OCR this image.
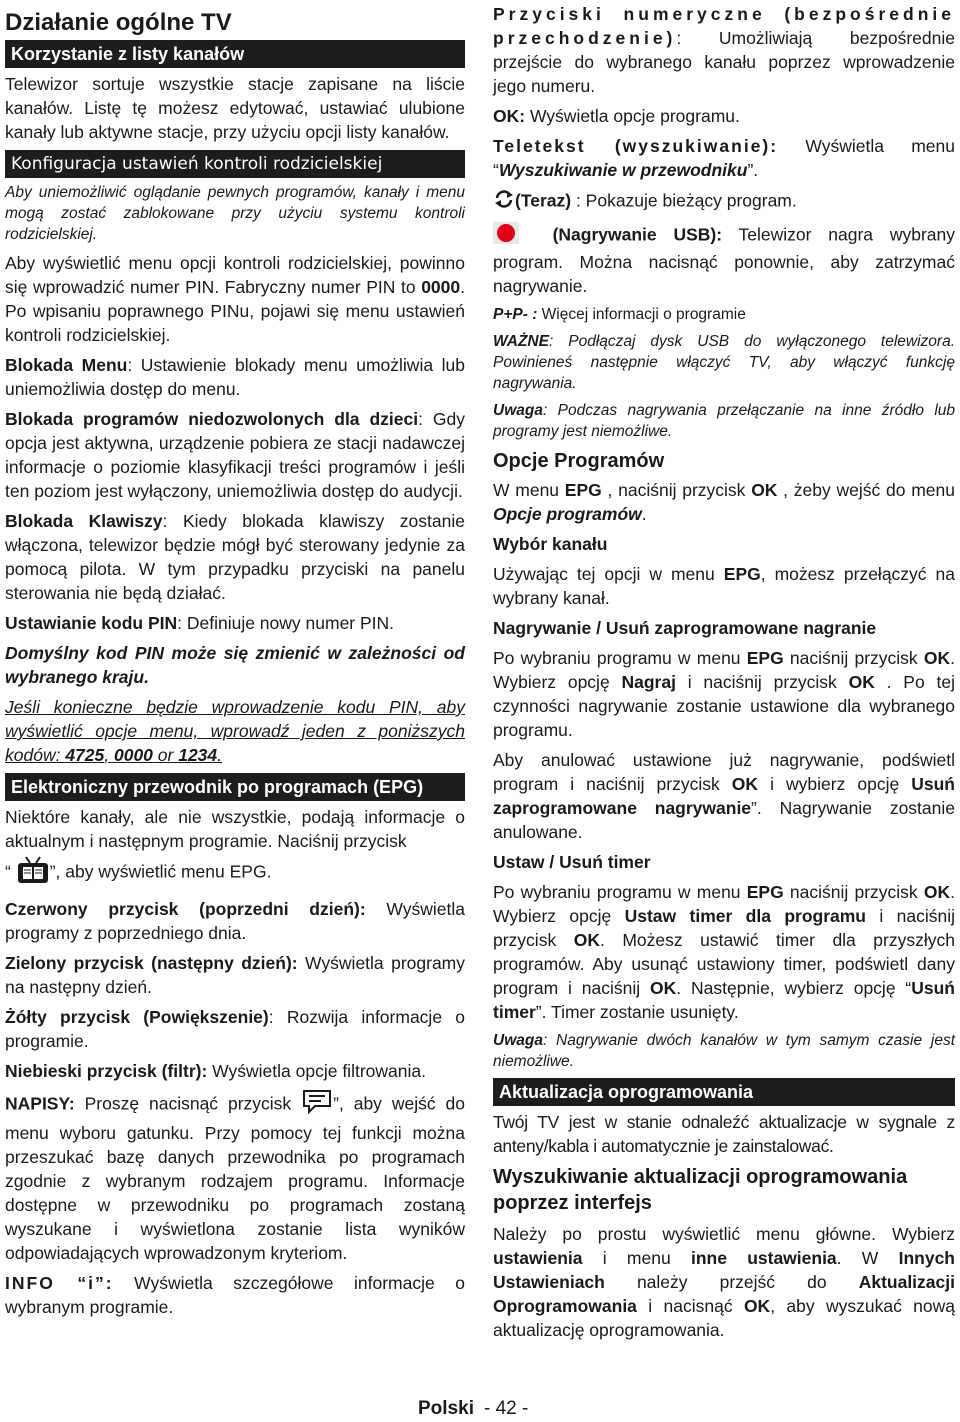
Działanie ogólne TV
Korzystanie z listy kanałów

Telewizor sortuje wszystkie stacje zapisane na liście kanałów. Listę tę możesz edytować, ustawiać ulubione kanały lub aktywne stacje, przy użyciu opcji listy kanałów.

Konfiguracja ustawień kontroli rodzicielskiej

Aby uniemożliwić oglądanie pewnych programów, kanały i menu mogą zostać zablokowane przy użyciu systemu kontroli rodzicielskiej.

Aby wyświetlić menu opcji kontroli rodzicielskiej, powinno się wprowadzić numer PIN. Fabryczny numer PIN to 0000. Po wpisaniu poprawnego PINu, pojawi się menu ustawień kontroli rodzicielskiej.

Blokada Menu: Ustawienie blokady menu umożliwia lub uniemożliwia dostęp do menu.

Blokada programów niedozwolonych dla dzieci: Gdy opcja jest aktywna, urządzenie pobiera ze stacji nadawczej informacje o poziomie klasyfikacji treści programów i jeśli ten poziom jest wyłączony, uniemożliwia dostęp do audycji.

Blokada Klawiszy: Kiedy blokada klawiszy zostanie włączona, telewizor będzie mógł być sterowany jedynie za pomocą pilota. W tym przypadku przyciski na panelu sterowania nie będą działać.

Ustawianie kodu PIN: Definiuje nowy numer PIN.

Domyślny kod PIN może się zmienić w zależności od wybranego kraju.

Jeśli konieczne będzie wprowadzenie kodu PIN, aby wyświetlić opcje menu, wprowadź jeden z poniższych kodów: 4725, 0000 or 1234.

Elektroniczny przewodnik po programach (EPG)

Niektóre kanały, ale nie wszystkie, podają informacje o aktualnym i następnym programie. Naciśnij przycisk

“ ”, aby wyświetlić menu EPG.

Czerwony przycisk (poprzedni dzień): Wyświetla programy z poprzedniego dnia.

Zielony przycisk (następny dzień): Wyświetla programy na następny dzień.

Żółty przycisk (Powiększenie): Rozwija informacje o programie.

Niebieski przycisk (filtr): Wyświetla opcje filtrowania.

NAPISY: Proszę nacisnąć przycisk ”, aby wejść do menu wyboru gatunku. Przy pomocy tej funkcji można przeszukać bazę danych przewodnika po programach zgodnie z wybranym rodzajem programu. Informacje dostępne w przewodniku po programach zostaną wyszukane i wyświetlona zostanie lista wyników odpowiadających wprowadzonym kryteriom.

INFO “i”: Wyświetla szczegółowe informacje o wybranym programie.

Przyciski numeryczne (bezpośrednie przechodzenie): Umożliwiają bezpośrednie przejście do wybranego kanału poprzez wprowadzenie jego numeru.

OK: Wyświetla opcje programu.

Teletekst (wyszukiwanie): Wyświetla menu “Wyszukiwanie w przewodniku”.

(Teraz) : Pokazuje bieżący program.

(Nagrywanie USB): Telewizor nagra wybrany program. Można nacisnąć ponownie, aby zatrzymać nagrywanie.

P+P- : Więcej informacji o programie

WAŻNE: Podłączaj dysk USB do wyłączonego telewizora. Powinieneś następnie włączyć TV, aby włączyć funkcję nagrywania.

Uwaga: Podczas nagrywania przełączanie na inne źródło lub programy jest niemożliwe.

Opcje Programów

W menu EPG , naciśnij przycisk OK , żeby wejść do menu Opcje programów.

Wybór kanału

Używając tej opcji w menu EPG, możesz przełączyć na wybrany kanał.

Nagrywanie / Usuń zaprogramowane nagranie

Po wybraniu programu w menu EPG naciśnij przycisk OK. Wybierz opcję Nagraj i naciśnij przycisk OK . Po tej czynności nagrywanie zostanie ustawione dla wybranego programu.

Aby anulować ustawione już nagrywanie, podświetl program i naciśnij przycisk OK i wybierz opcję Usuń zaprogramowane nagrywanie”. Nagrywanie zostanie anulowane.

Ustaw / Usuń timer

Po wybraniu programu w menu EPG naciśnij przycisk OK. Wybierz opcję Ustaw timer dla programu i naciśnij przycisk OK. Możesz ustawić timer dla przyszłych programów. Aby usunąć ustawiony timer, podświetl dany program i naciśnij OK. Następnie, wybierz opcję “Usuń timer”. Timer zostanie usunięty.

Uwaga: Nagrywanie dwóch kanałów w tym samym czasie jest niemożliwe.

Aktualizacja oprogramowania

Twój TV jest w stanie odnaleźć aktualizacje w sygnale z anteny/kabla i automatycznie je zainstalować.

Wyszukiwanie aktualizacji oprogramowania poprzez interfejs

Należy po prostu wyświetlić menu główne. Wybierz ustawienia i menu inne ustawienia. W Innych Ustawieniach należy przejść do Aktualizacji Oprogramowania i nacisnąć OK, aby wyszukać nową aktualizację oprogramowania.

Polski - 42 -
